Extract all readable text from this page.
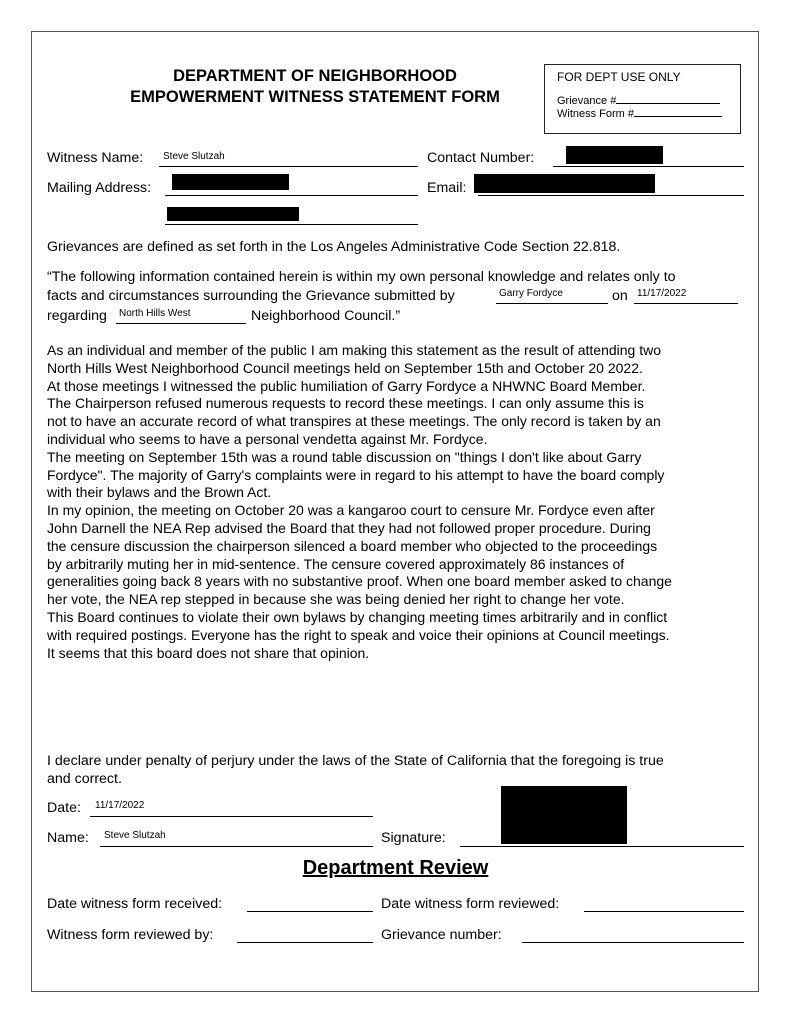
DEPARTMENT OF NEIGHBORHOOD
EMPOWERMENT WITNESS STATEMENT FORM
FOR DEPT USE ONLY
Grievance #
Witness Form #
Witness Name: Steve Slutzah	Contact Number:
Mailing Address:	Email:
Grievances are defined as set forth in the Los Angeles Administrative Code Section 22.818.
“The following information contained herein is within my own personal knowledge and relates only to
facts and circumstances surrounding the Grievance submitted by	Garry Fordyce	on 11/17/2022
regarding North Hills West	Neighborhood Council.”
As an individual and member of the public I am making this statement as the result of attending two
North Hills West Neighborhood Council meetings held on September 15th and October 20 2022.
At those meetings I witnessed the public humiliation of Garry Fordyce a NHWNC Board Member.
The Chairperson refused numerous requests to record these meetings. I can only assume this is
not to have an accurate record of what transpires at these meetings. The only record is taken by an
individual who seems to have a personal vendetta against Mr. Fordyce.
The meeting on September 15th was a round table discussion on "things I don't like about Garry
Fordyce". The majority of Garry's complaints were in regard to his attempt to have the board comply
with their bylaws and the Brown Act.
In my opinion, the meeting on October 20 was a kangaroo court to censure Mr. Fordyce even after
John Darnell the NEA Rep advised the Board that they had not followed proper procedure. During
the censure discussion the chairperson silenced a board member who objected to the proceedings
by arbitrarily muting her in mid-sentence. The censure covered approximately 86 instances of
generalities going back 8 years with no substantive proof. When one board member asked to change
her vote, the NEA rep stepped in because she was being denied her right to change her vote.
This Board continues to violate their own bylaws by changing meeting times arbitrarily and in conflict
with required postings. Everyone has the right to speak and voice their opinions at Council meetings.
It seems that this board does not share that opinion.
I declare under penalty of perjury under the laws of the State of California that the foregoing is true
and correct.
Date: 11/17/2022
Name: Steve Slutzah	Signature:
Department Review
Date witness form received:	Date witness form reviewed:
Witness form reviewed by:	Grievance number:
